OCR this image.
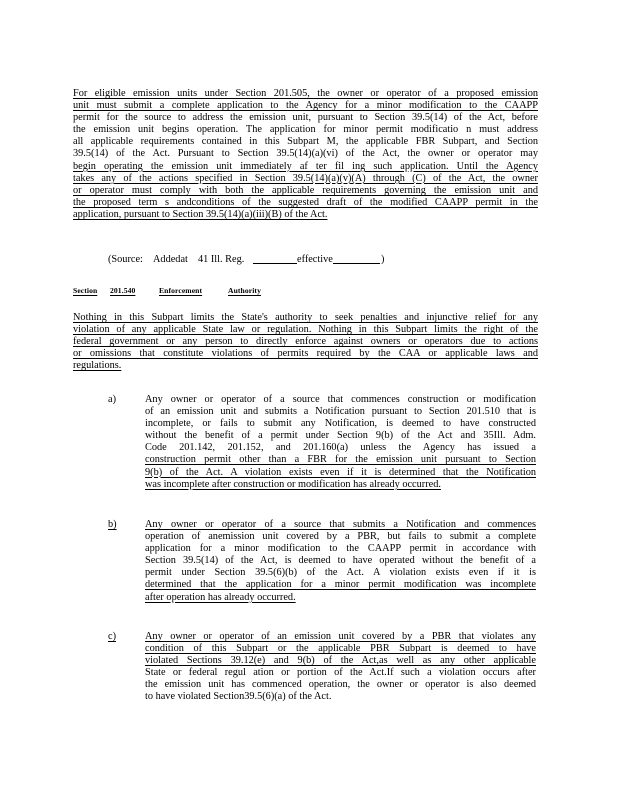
For eligible emission units under Section 201.505, the owner or operator of a proposed emission
unit must submit a complete application to the Agency for a minor modification to the CAAPP
permit for the source to address the emission unit, pursuant to Section 39.5(14) of the Act, before
the emission unit begins operation. The application for minor permit modificatio n must address
all applicable requirements contained in this Subpart M, the applicable FBR Subpart, and Section
39.5(14) of the Act. Pursuant to Section 39.5(14)(a)(vi) of the Act, the owner or operator may
begin operating the emission unit immediately af ter fil ing such application. Until the Agency
takes any of the actions specified in Section 39.5(14)(a)(v)(A) through (C) of the Act, the owner
or operator must comply with both the applicable requirements governing the emission unit and
the proposed term s andconditions of the suggested draft of the modified CAAPP permit in the
application, pursuant to Section 39.5(14)(a)(iii)(B) of the Act.
(Source: Addedat 41 Ill. Reg.	effective	)
Section 201.540	Enforcement	Authority
Nothing in this Subpart limits the State's authority to seek penalties and injunctive relief for any
violation of any applicable State law or regulation. Nothing in this Subpart limits the right of the
federal government or any person to directly enforce against owners or operators due to actions
or omissions that constitute violations of permits required by the CAA or applicable laws and
regulations.
a)	Any owner or operator of a source that commences construction or modification
of an emission unit and submits a Notification pursuant to Section 201.510 that is
incomplete, or fails to submit any Notification, is deemed to have constructed
without the benefit of a permit under Section 9(b) of the Act and 35Ill. Adm.
Code 201.142, 201.152, and 201.160(a) unless the Agency has issued a
construction permit other than a FBR for the emission unit pursuant to Section
9(b) of the Act. A violation exists even if it is determined that the Notification
was incomplete after construction or modification has already occurred.
b)	Any owner or operator of a source that submits a Notification and commences
operation of anemission unit covered by a PBR, but fails to submit a complete
application for a minor modification to the CAAPP permit in accordance with
Section 39.5(14) of the Act, is deemed to have operated without the benefit of a
permit under Section 39.5(6)(b) of the Act. A violation exists even if it is
determined that the application for a minor permit modification was incomplete
after operation has already occurred.
c)	Any owner or operator of an emission unit covered by a PBR that violates any
condition of this Subpart or the applicable PBR Subpart is deemed to have
violated Sections 39.12(e) and 9(b) of the Act,as well as any other applicable
State or federal regul ation or portion of the Act.If such a violation occurs after
the emission unit has commenced operation, the owner or operator is also deemed
to have violated Section39.5(6)(a) of the Act.
